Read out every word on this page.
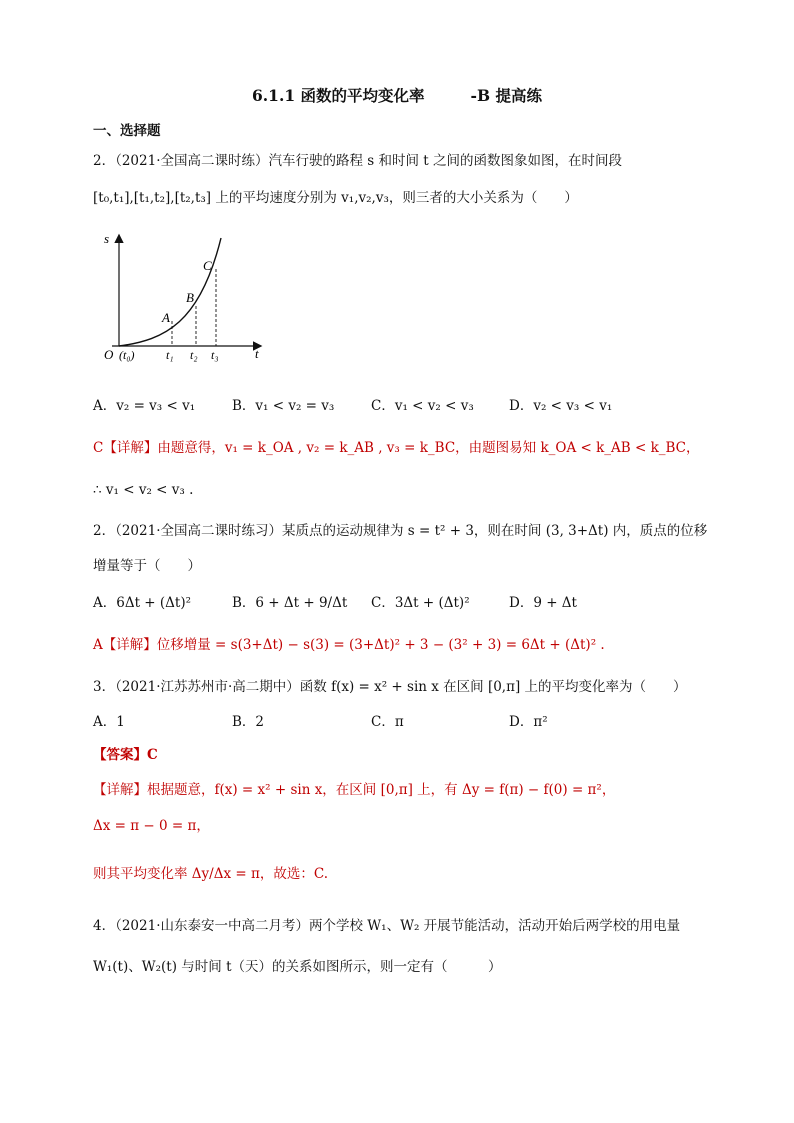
6.1.1 函数的平均变化率	-B 提高练
一、选择题
2．（2021·全国高二课时练）汽车行驶的路程 s 和时间 t 之间的函数图象如图，在时间段
[t₀,t₁],[t₁,t₂],[t₂,t₃] 上的平均速度分别为 v₁,v₂,v₃，则三者的大小关系为（　　）
s
t
O (t₀)	t₁ t₂ t₃
A
B
C
A．v₂ = v₃ < v₁	B．v₁ < v₂ = v₃	C．v₁ < v₂ < v₃	D．v₂ < v₃ < v₁
C【详解】由题意得，v₁ = k_OA , v₂ = k_AB , v₃ = k_BC，由题图易知 k_OA < k_AB < k_BC，
∴ v₁ < v₂ < v₃ .
2．（2021·全国高二课时练习）某质点的运动规律为 s = t² + 3，则在时间 (3, 3+Δt) 内，质点的位移
增量等于（　　）
A．6Δt + (Δt)²	B．6 + Δt + 9/Δt C．3Δt + (Δt)²	D．9 + Δt
A【详解】位移增量 = s(3+Δt) − s(3) = (3+Δt)² + 3 − (3² + 3) = 6Δt + (Δt)² .
3．（2021·江苏苏州市·高二期中）函数 f(x) = x² + sin x 在区间 [0,π] 上的平均变化率为（　　）
A．1	B．2	C．π	D．π²
【答案】C
【详解】根据题意，f(x) = x² + sin x，在区间 [0,π] 上，有 Δy = f(π) − f(0) = π²，
Δx = π − 0 = π，
则其平均变化率 Δy/Δx = π，故选：C.
4．（2021·山东泰安一中高二月考）两个学校 W₁、W₂ 开展节能活动，活动开始后两学校的用电量
W₁(t)、W₂(t) 与时间 t（天）的关系如图所示，则一定有（　　　）
